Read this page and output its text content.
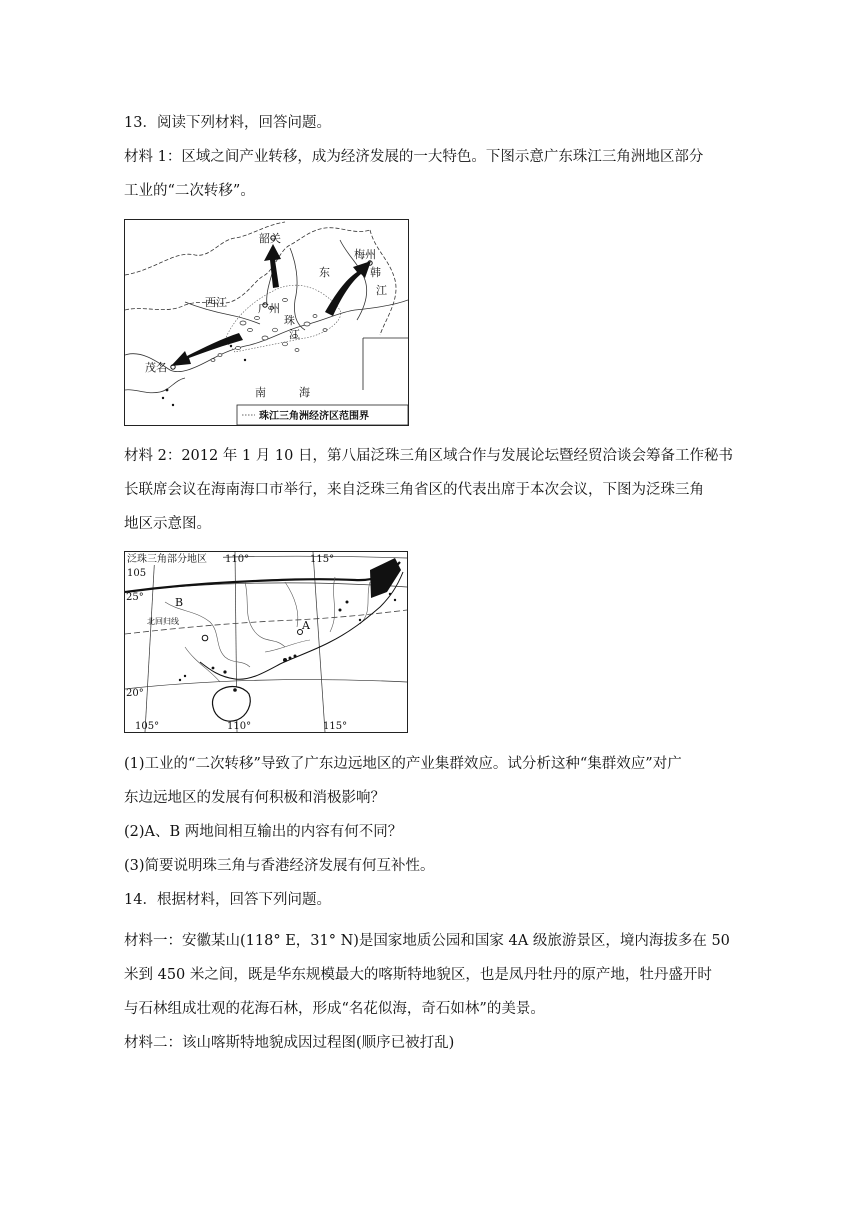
13．阅读下列材料，回答问题。

材料 1：区域之间产业转移，成为经济发展的一大特色。下图示意广东珠江三角洲地区部分

工业的“二次转移”。

韶关
梅州
东	韩
江
西江	广州
珠
江
茂名
南	海
珠江三角洲经济区范围界

材料 2：2012 年 1 月 10 日，第八届泛珠三角区域合作与发展论坛暨经贸洽谈会筹备工作秘书

长联席会议在海南海口市举行，来自泛珠三角省区的代表出席于本次会议，下图为泛珠三角

地区示意图。

泛珠三角部分地区 110°	115°
105
25°
20°
B
A
北回归线
105°	110°	115°

(1)工业的“二次转移”导致了广东边远地区的产业集群效应。试分析这种“集群效应”对广

东边远地区的发展有何积极和消极影响？

(2)A、B 两地间相互输出的内容有何不同？

(3)简要说明珠三角与香港经济发展有何互补性。

14．根据材料，回答下列问题。

材料一：安徽某山(118° E，31° N)是国家地质公园和国家 4A 级旅游景区，境内海拔多在 50

米到 450 米之间，既是华东规模最大的喀斯特地貌区，也是凤丹牡丹的原产地，牡丹盛开时

与石林组成壮观的花海石林，形成“名花似海，奇石如林”的美景。

材料二：该山喀斯特地貌成因过程图(顺序已被打乱)
